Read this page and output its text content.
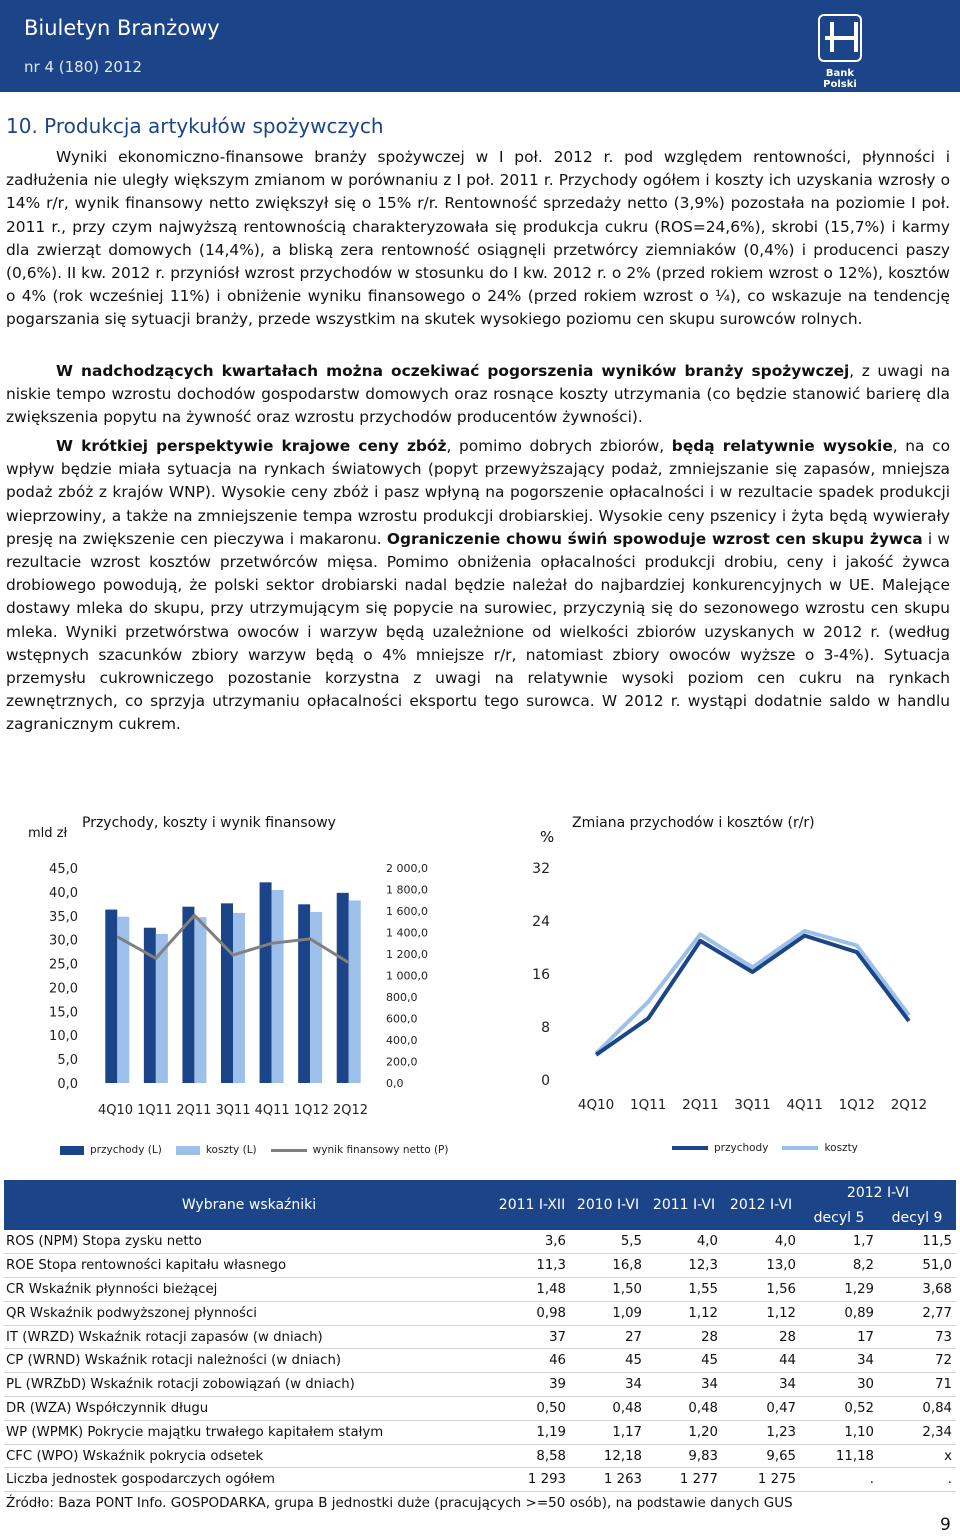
Biuletyn Branżowy
nr 4 (180) 2012	Bank Polski
10. Produkcja artykułów spożywczych
Wyniki ekonomiczno-finansowe branży spożywczej w I poł. 2012 r. pod względem rentowności, płynności i zadłużenia nie uległy większym zmianom w porównaniu z I poł. 2011 r. Przychody ogółem i koszty ich uzyskania wzrosły o 14% r/r, wynik finansowy netto zwiększył się o 15% r/r. Rentowność sprzedaży netto (3,9%) pozostała na poziomie I poł. 2011 r., przy czym najwyższą rentownością charakteryzowała się produkcja cukru (ROS=24,6%), skrobi (15,7%) i karmy dla zwierząt domowych (14,4%), a bliską zera rentowność osiągnęli przetwórcy ziemniaków (0,4%) i producenci paszy (0,6%). II kw. 2012 r. przyniósł wzrost przychodów w stosunku do I kw. 2012 r. o 2% (przed rokiem wzrost o 12%), kosztów o 4% (rok wcześniej 11%) i obniżenie wyniku finansowego o 24% (przed rokiem wzrost o ¼), co wskazuje na tendencję pogarszania się sytuacji branży, przede wszystkim na skutek wysokiego poziomu cen skupu surowców rolnych.
W nadchodzących kwartałach można oczekiwać pogorszenia wyników branży spożywczej, z uwagi na niskie tempo wzrostu dochodów gospodarstw domowych oraz rosnące koszty utrzymania (co będzie stanowić barierę dla zwiększenia popytu na żywność oraz wzrostu przychodów producentów żywności).
W krótkiej perspektywie krajowe ceny zbóż, pomimo dobrych zbiorów, będą relatywnie wysokie, na co wpływ będzie miała sytuacja na rynkach światowych (popyt przewyższający podaż, zmniejszanie się zapasów, mniejsza podaż zbóż z krajów WNP). Wysokie ceny zbóż i pasz wpłyną na pogorszenie opłacalności i w rezultacie spadek produkcji wieprzowiny, a także na zmniejszenie tempa wzrostu produkcji drobiarskiej. Wysokie ceny pszenicy i żyta będą wywierały presję na zwiększenie cen pieczywa i makaronu. Ograniczenie chowu świń spowoduje wzrost cen skupu żywca i w rezultacie wzrost kosztów przetwórców mięsa. Pomimo obniżenia opłacalności produkcji drobiu, ceny i jakość żywca drobiowego powodują, że polski sektor drobiarski nadal będzie należał do najbardziej konkurencyjnych w UE. Malejące dostawy mleka do skupu, przy utrzymującym się popycie na surowiec, przyczynią się do sezonowego wzrostu cen skupu mleka. Wyniki przetwórstwa owoców i warzyw będą uzależnione od wielkości zbiorów uzyskanych w 2012 r. (według wstępnych szacunków zbiory warzyw będą o 4% mniejsze r/r, natomiast zbiory owoców wyższe o 3-4%). Sytuacja przemysłu cukrowniczego pozostanie korzystna z uwagi na relatywnie wysoki poziom cen cukru na rynkach zewnętrznych, co sprzyja utrzymaniu opłacalności eksportu tego surowca. W 2012 r. wystąpi dodatnie saldo w handlu zagranicznym cukrem.
mld zł
Przychody, koszty i wynik finansowy
0,0
5,0
10,0
15,0
20,0
25,0
30,0
35,0
40,0
45,0
0,0
200,0
400,0
600,0
800,0
1 000,0
1 200,0
1 400,0
1 600,0
1 800,0
2 000,0
4Q10 1Q11 2Q11 3Q11 4Q11 1Q12 2Q12
przychody (L)	koszty (L)	wynik finansowy netto (P)
%
Zmiana przychodów i kosztów (r/r)
0
8
16
24
32
4Q10 1Q11 2Q11 3Q11 4Q11 1Q12 2Q12
przychody	koszty
Wybrane wskaźniki	2011 I-XII	2010 I-VI	2011 I-VI	2012 I-VI	2012 I-VI	
					decyl 5	decyl 9
ROS (NPM) Stopa zysku netto	3,6	5,5	4,0	4,0	1,7	11,5
ROE Stopa rentowności kapitału własnego	11,3	16,8	12,3	13,0	8,2	51,0
CR Wskaźnik płynności bieżącej	1,48	1,50	1,55	1,56	1,29	3,68
QR Wskaźnik podwyższonej płynności	0,98	1,09	1,12	1,12	0,89	2,77
IT (WRZD) Wskaźnik rotacji zapasów (w dniach)	37	27	28	28	17	73
CP (WRND) Wskaźnik rotacji należności (w dniach)	46	45	45	44	34	72
PL (WRZbD) Wskaźnik rotacji zobowiązań (w dniach)	39	34	34	34	30	71
DR (WZA) Współczynnik długu	0,50	0,48	0,48	0,47	0,52	0,84
WP (WPMK) Pokrycie majątku trwałego kapitałem stałym	1,19	1,17	1,20	1,23	1,10	2,34
CFC (WPO) Wskaźnik pokrycia odsetek	8,58	12,18	9,83	9,65	11,18	x
Liczba jednostek gospodarczych ogółem	1 293	1 263	1 277	1 275	.	.
Źródło: Baza PONT Info. GOSPODARKA, grupa B jednostki duże (pracujących >=50 osób), na podstawie danych GUS
9
